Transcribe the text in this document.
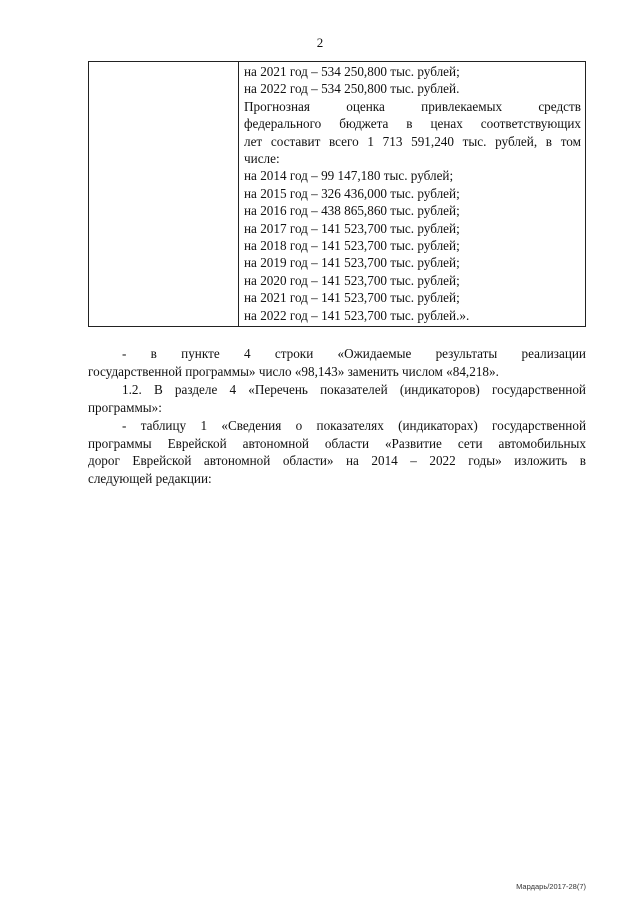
2
на 2021 год – 534 250,800 тыс. рублей;
на 2022 год – 534 250,800 тыс. рублей.
Прогнозная оценка привлекаемых средств
федерального бюджета в ценах соответствующих
лет составит всего 1 713 591,240 тыс. рублей, в том
числе:
на 2014 год – 99 147,180 тыс. рублей;
на 2015 год – 326 436,000 тыс. рублей;
на 2016 год – 438 865,860 тыс. рублей;
на 2017 год – 141 523,700 тыс. рублей;
на 2018 год – 141 523,700 тыс. рублей;
на 2019 год – 141 523,700 тыс. рублей;
на 2020 год – 141 523,700 тыс. рублей;
на 2021 год – 141 523,700 тыс. рублей;
на 2022 год – 141 523,700 тыс. рублей.».
- в пункте 4 строки «Ожидаемые результаты реализации
государственной программы» число «98,143» заменить числом «84,218».
1.2. В разделе 4 «Перечень показателей (индикаторов) государственной
программы»:
- таблицу 1 «Сведения о показателях (индикаторах) государственной
программы Еврейской автономной области «Развитие сети автомобильных
дорог Еврейской автономной области» на 2014 – 2022 годы» изложить в
следующей редакции:
Мардарь/2017-28(7)
